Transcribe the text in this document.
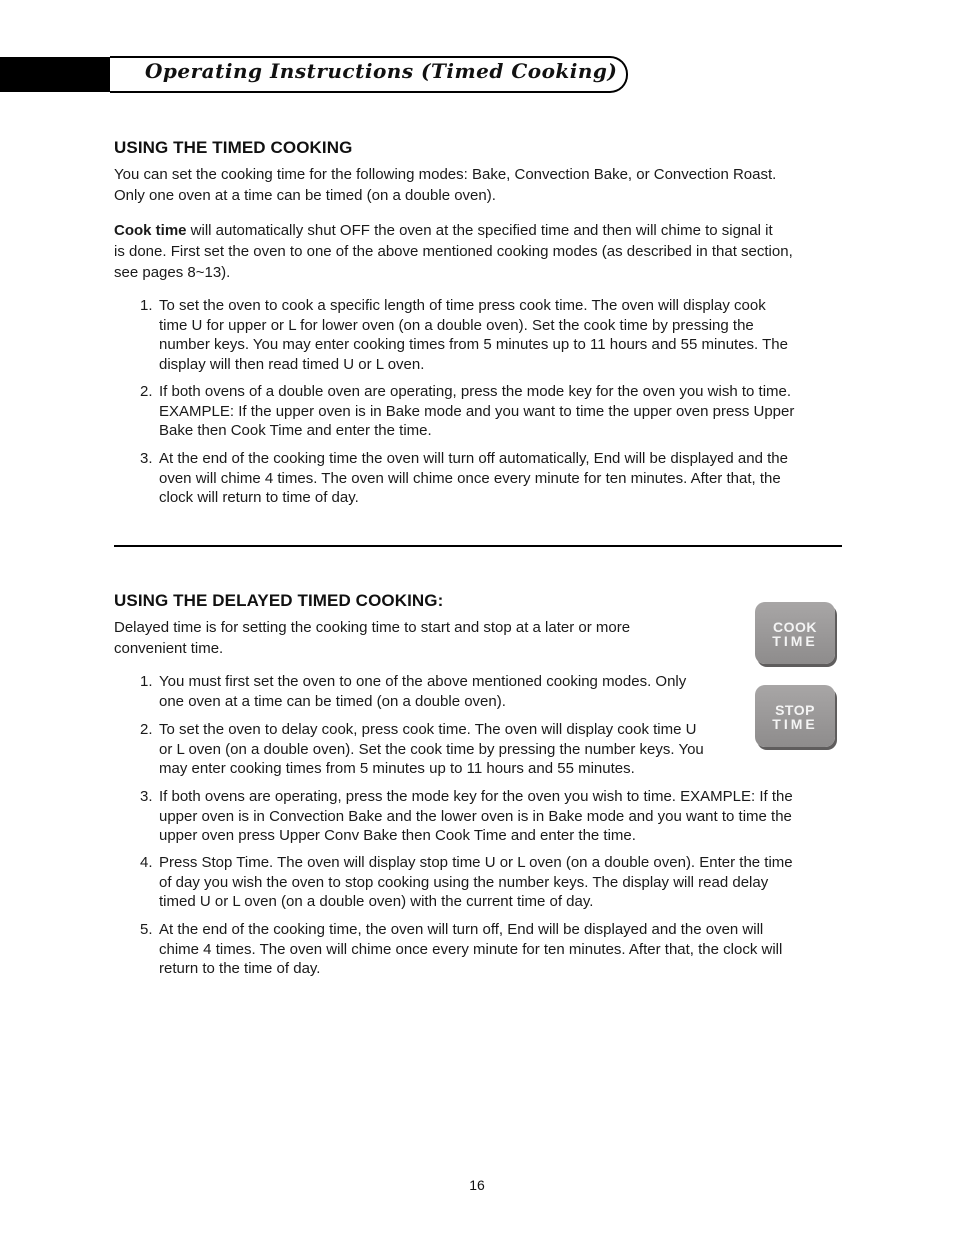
Operating Instructions (Timed Cooking)
USING THE TIMED COOKING

You can set the cooking time for the following modes: Bake, Convection Bake, or Convection Roast.
Only one oven at a time can be timed (on a double oven).

Cook time will automatically shut OFF the oven at the specified time and then will chime to signal it
is done. First set the oven to one of the above mentioned cooking modes (as described in that section,
see pages 8~13).

1. To set the oven to cook a specific length of time press cook time. The oven will display cook
time U for upper or L for lower oven (on a double oven). Set the cook time by pressing the
number keys. You may enter cooking times from 5 minutes up to 11 hours and 55 minutes. The
display will then read timed U or L oven.
2. If both ovens of a double oven are operating, press the mode key for the oven you wish to time.
EXAMPLE: If the upper oven is in Bake mode and you want to time the upper oven press Upper
Bake then Cook Time and enter the time.
3. At the end of the cooking time the oven will turn off automatically, End will be displayed and the
oven will chime 4 times. The oven will chime once every minute for ten minutes. After that, the
clock will return to time of day.
USING THE DELAYED TIMED COOKING:

Delayed time is for setting the cooking time to start and stop at a later or more
convenient time.

1. You must first set the oven to one of the above mentioned cooking modes. Only
one oven at a time can be timed (on a double oven).
2. To set the oven to delay cook, press cook time. The oven will display cook time U
or L oven (on a double oven). Set the cook time by pressing the number keys. You
may enter cooking times from 5 minutes up to 11 hours and 55 minutes.
3. If both ovens are operating, press the mode key for the oven you wish to time. EXAMPLE: If the
upper oven is in Convection Bake and the lower oven is in Bake mode and you want to time the
upper oven press Upper Conv Bake then Cook Time and enter the time.
4. Press Stop Time. The oven will display stop time U or L oven (on a double oven). Enter the time
of day you wish the oven to stop cooking using the number keys. The display will read delay
timed U or L oven (on a double oven) with the current time of day.
5. At the end of the cooking time, the oven will turn off, End will be displayed and the oven will
chime 4 times. The oven will chime once every minute for ten minutes. After that, the clock will
return to the time of day.
COOK
TIME
STOP
TIME
16
